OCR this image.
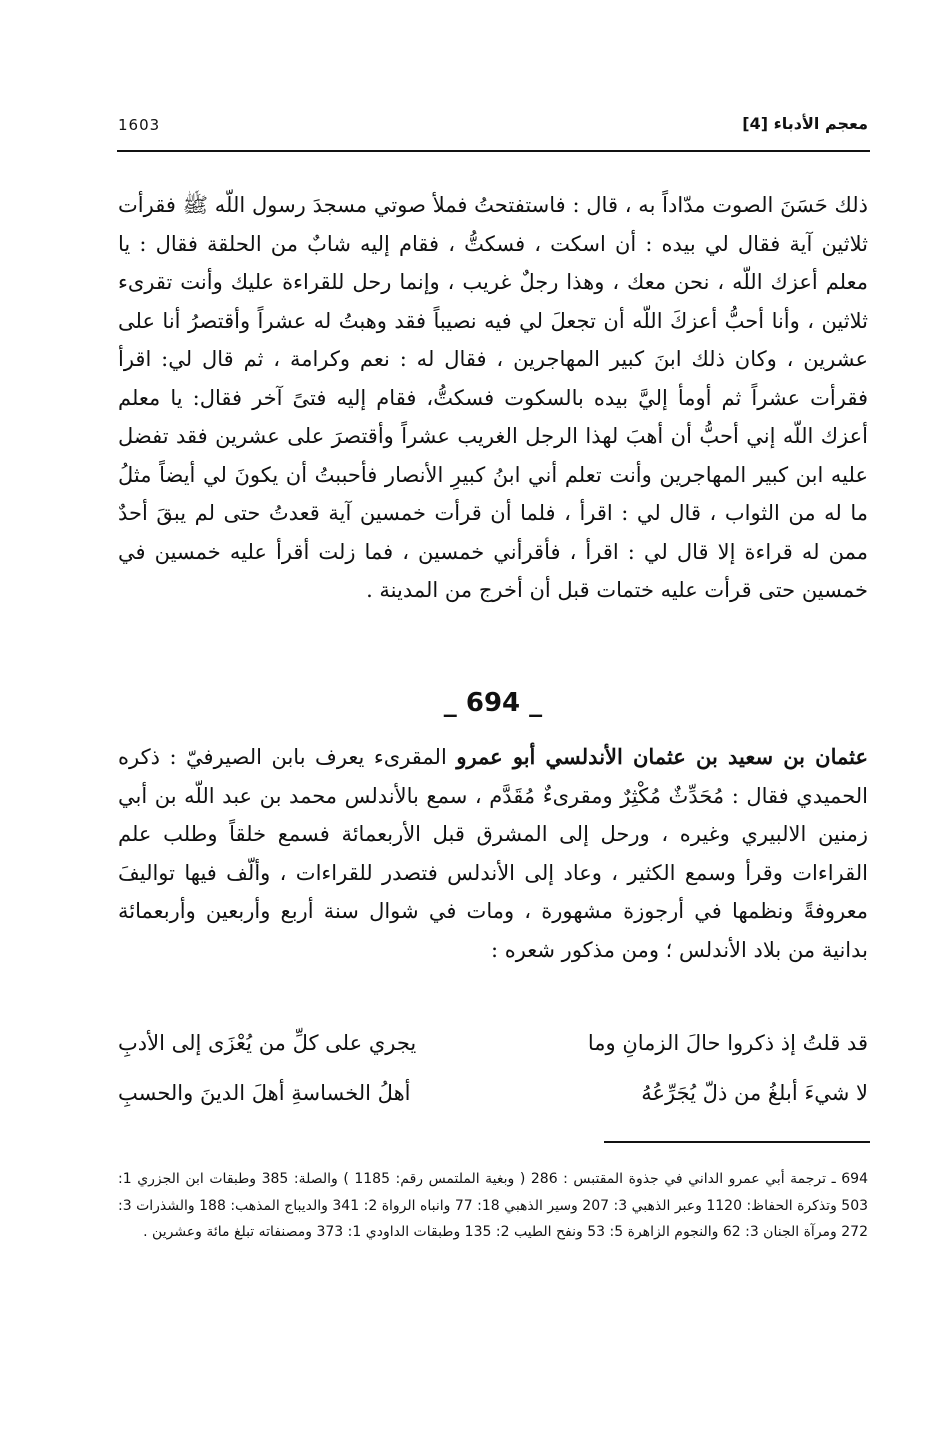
1603	معجم الأدباء [4]

ذلك حَسَنَ الصوت مدّاداً به ، قال : فاستفتحتُ فملأ صوتي مسجدَ رسول اللّه ﷺ فقرأت ثلاثين آية فقال لي بيده : أن اسكت ، فسكتُّ ، فقام إليه شابٌ من الحلقة فقال : يا معلم أعزك اللّه ، نحن معك ، وهذا رجلٌ غريب ، وإنما رحل للقراءة عليك وأنت تقرىء ثلاثين ، وأنا أحبُّ أعزكَ اللّه أن تجعلَ لي فيه نصيباً فقد وهبتُ له عشراً وأقتصرُ أنا على عشرين ، وكان ذلك ابنَ كبير المهاجرين ، فقال له : نعم وكرامة ، ثم قال لي: اقرأ فقرأت عشراً ثم أومأ إليَّ بيده بالسكوت فسكتُّ، فقام إليه فتىً آخر فقال: يا معلم أعزك اللّه إني أحبُّ أن أهبَ لهذا الرجل الغريب عشراً وأقتصرَ على عشرين فقد تفضل عليه ابن كبير المهاجرين وأنت تعلم أني ابنُ كبيرِ الأنصار فأحببتُ أن يكونَ لي أيضاً مثلُ ما له من الثواب ، قال لي : اقرأ ، فلما أن قرأت خمسين آية قعدتُ حتى لم يبقَ أحدٌ ممن له قراءة إلا قال لي : اقرأ ، فأقرأني خمسين ، فما زلت أقرأ عليه خمسين في خمسين حتى قرأت عليه ختمات قبل أن أخرج من المدينة .

_ 694 _

عثمان بن سعيد بن عثمان الأندلسي أبو عمرو المقرىء يعرف بابن الصيرفيّ : ذكره الحميدي فقال : مُحَدِّثٌ مُكْثِرٌ ومقرىءٌ مُقَدَّم ، سمع بالأندلس محمد بن عبد اللّه بن أبي زمنين الالبيري وغيره ، ورحل إلى المشرق قبل الأربعمائة فسمع خلقاً وطلب علم القراءات وقرأ وسمع الكثير ، وعاد إلى الأندلس فتصدر للقراءات ، وألّف فيها تواليفَ معروفةً ونظمها في أرجوزة مشهورة ، ومات في شوال سنة أربع وأربعين وأربعمائة بدانية من بلاد الأندلس ؛ ومن مذكور شعره :

قد قلتُ إذ ذكروا حالَ الزمانِ وما
يجري على كلِّ من يُعْزَى إلى الأدبِ
لا شيءَ أبلغُ من ذلّ يُجَرِّعُهُ
أهلُ الخساسةِ أهلَ الدينَ والحسبِ
694 ـ ترجمة أبي عمرو الداني في جذوة المقتبس : 286 ( وبغية الملتمس رقم: 1185 ) والصلة: 385 وطبقات ابن الجزري 1: 503 وتذكرة الحفاظ: 1120 وعبر الذهبي 3: 207 وسير الذهبي 18: 77 وانباه الرواة 2: 341 والديباج المذهب: 188 والشذرات 3: 272 ومرآة الجنان 3: 62 والنجوم الزاهرة 5: 53 ونفح الطيب 2: 135 وطبقات الداودي 1: 373 ومصنفاته تبلغ مائة وعشرين .
